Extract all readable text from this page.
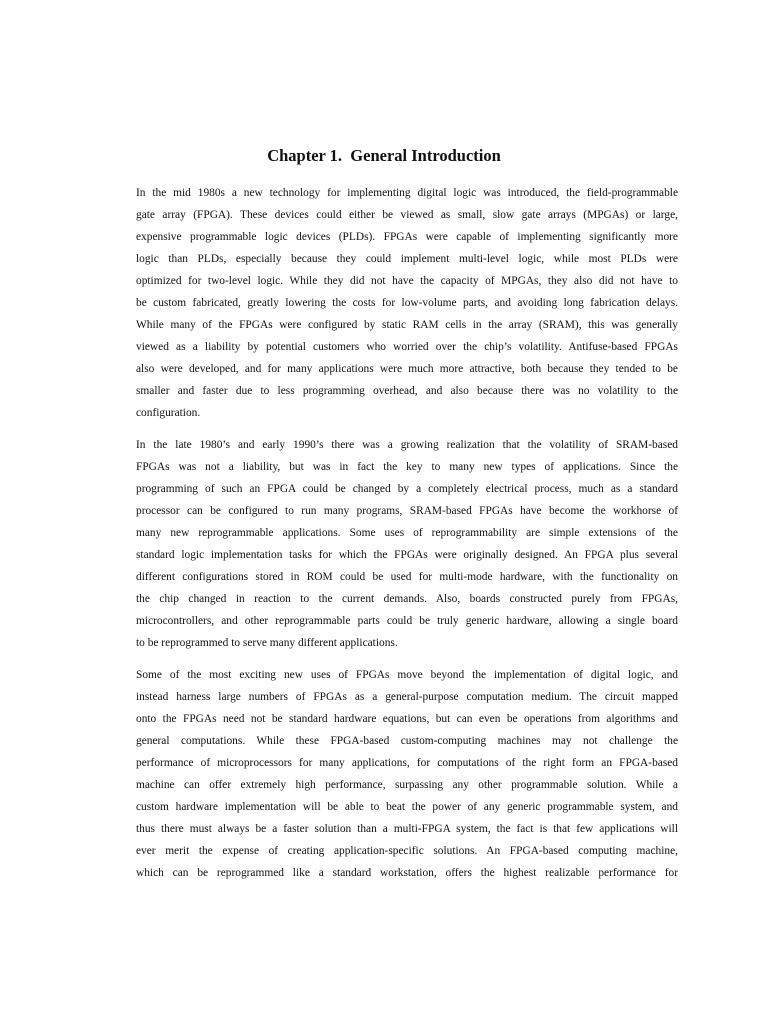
Chapter 1.  General Introduction
In the mid 1980s a new technology for implementing digital logic was introduced, the field-programmable
gate array (FPGA). These devices could either be viewed as small, slow gate arrays (MPGAs) or large,
expensive programmable logic devices (PLDs). FPGAs were capable of implementing significantly more
logic than PLDs, especially because they could implement multi-level logic, while most PLDs were
optimized for two-level logic. While they did not have the capacity of MPGAs, they also did not have to
be custom fabricated, greatly lowering the costs for low-volume parts, and avoiding long fabrication delays.
While many of the FPGAs were configured by static RAM cells in the array (SRAM), this was generally
viewed as a liability by potential customers who worried over the chip’s volatility. Antifuse-based FPGAs
also were developed, and for many applications were much more attractive, both because they tended to be
smaller and faster due to less programming overhead, and also because there was no volatility to the
configuration.
In the late 1980’s and early 1990’s there was a growing realization that the volatility of SRAM-based
FPGAs was not a liability, but was in fact the key to many new types of applications. Since the
programming of such an FPGA could be changed by a completely electrical process, much as a standard
processor can be configured to run many programs, SRAM-based FPGAs have become the workhorse of
many new reprogrammable applications. Some uses of reprogrammability are simple extensions of the
standard logic implementation tasks for which the FPGAs were originally designed. An FPGA plus several
different configurations stored in ROM could be used for multi-mode hardware, with the functionality on
the chip changed in reaction to the current demands. Also, boards constructed purely from FPGAs,
microcontrollers, and other reprogrammable parts could be truly generic hardware, allowing a single board
to be reprogrammed to serve many different applications.
Some of the most exciting new uses of FPGAs move beyond the implementation of digital logic, and
instead harness large numbers of FPGAs as a general-purpose computation medium. The circuit mapped
onto the FPGAs need not be standard hardware equations, but can even be operations from algorithms and
general computations. While these FPGA-based custom-computing machines may not challenge the
performance of microprocessors for many applications, for computations of the right form an FPGA-based
machine can offer extremely high performance, surpassing any other programmable solution. While a
custom hardware implementation will be able to beat the power of any generic programmable system, and
thus there must always be a faster solution than a multi-FPGA system, the fact is that few applications will
ever merit the expense of creating application-specific solutions. An FPGA-based computing machine,
which can be reprogrammed like a standard workstation, offers the highest realizable performance for
